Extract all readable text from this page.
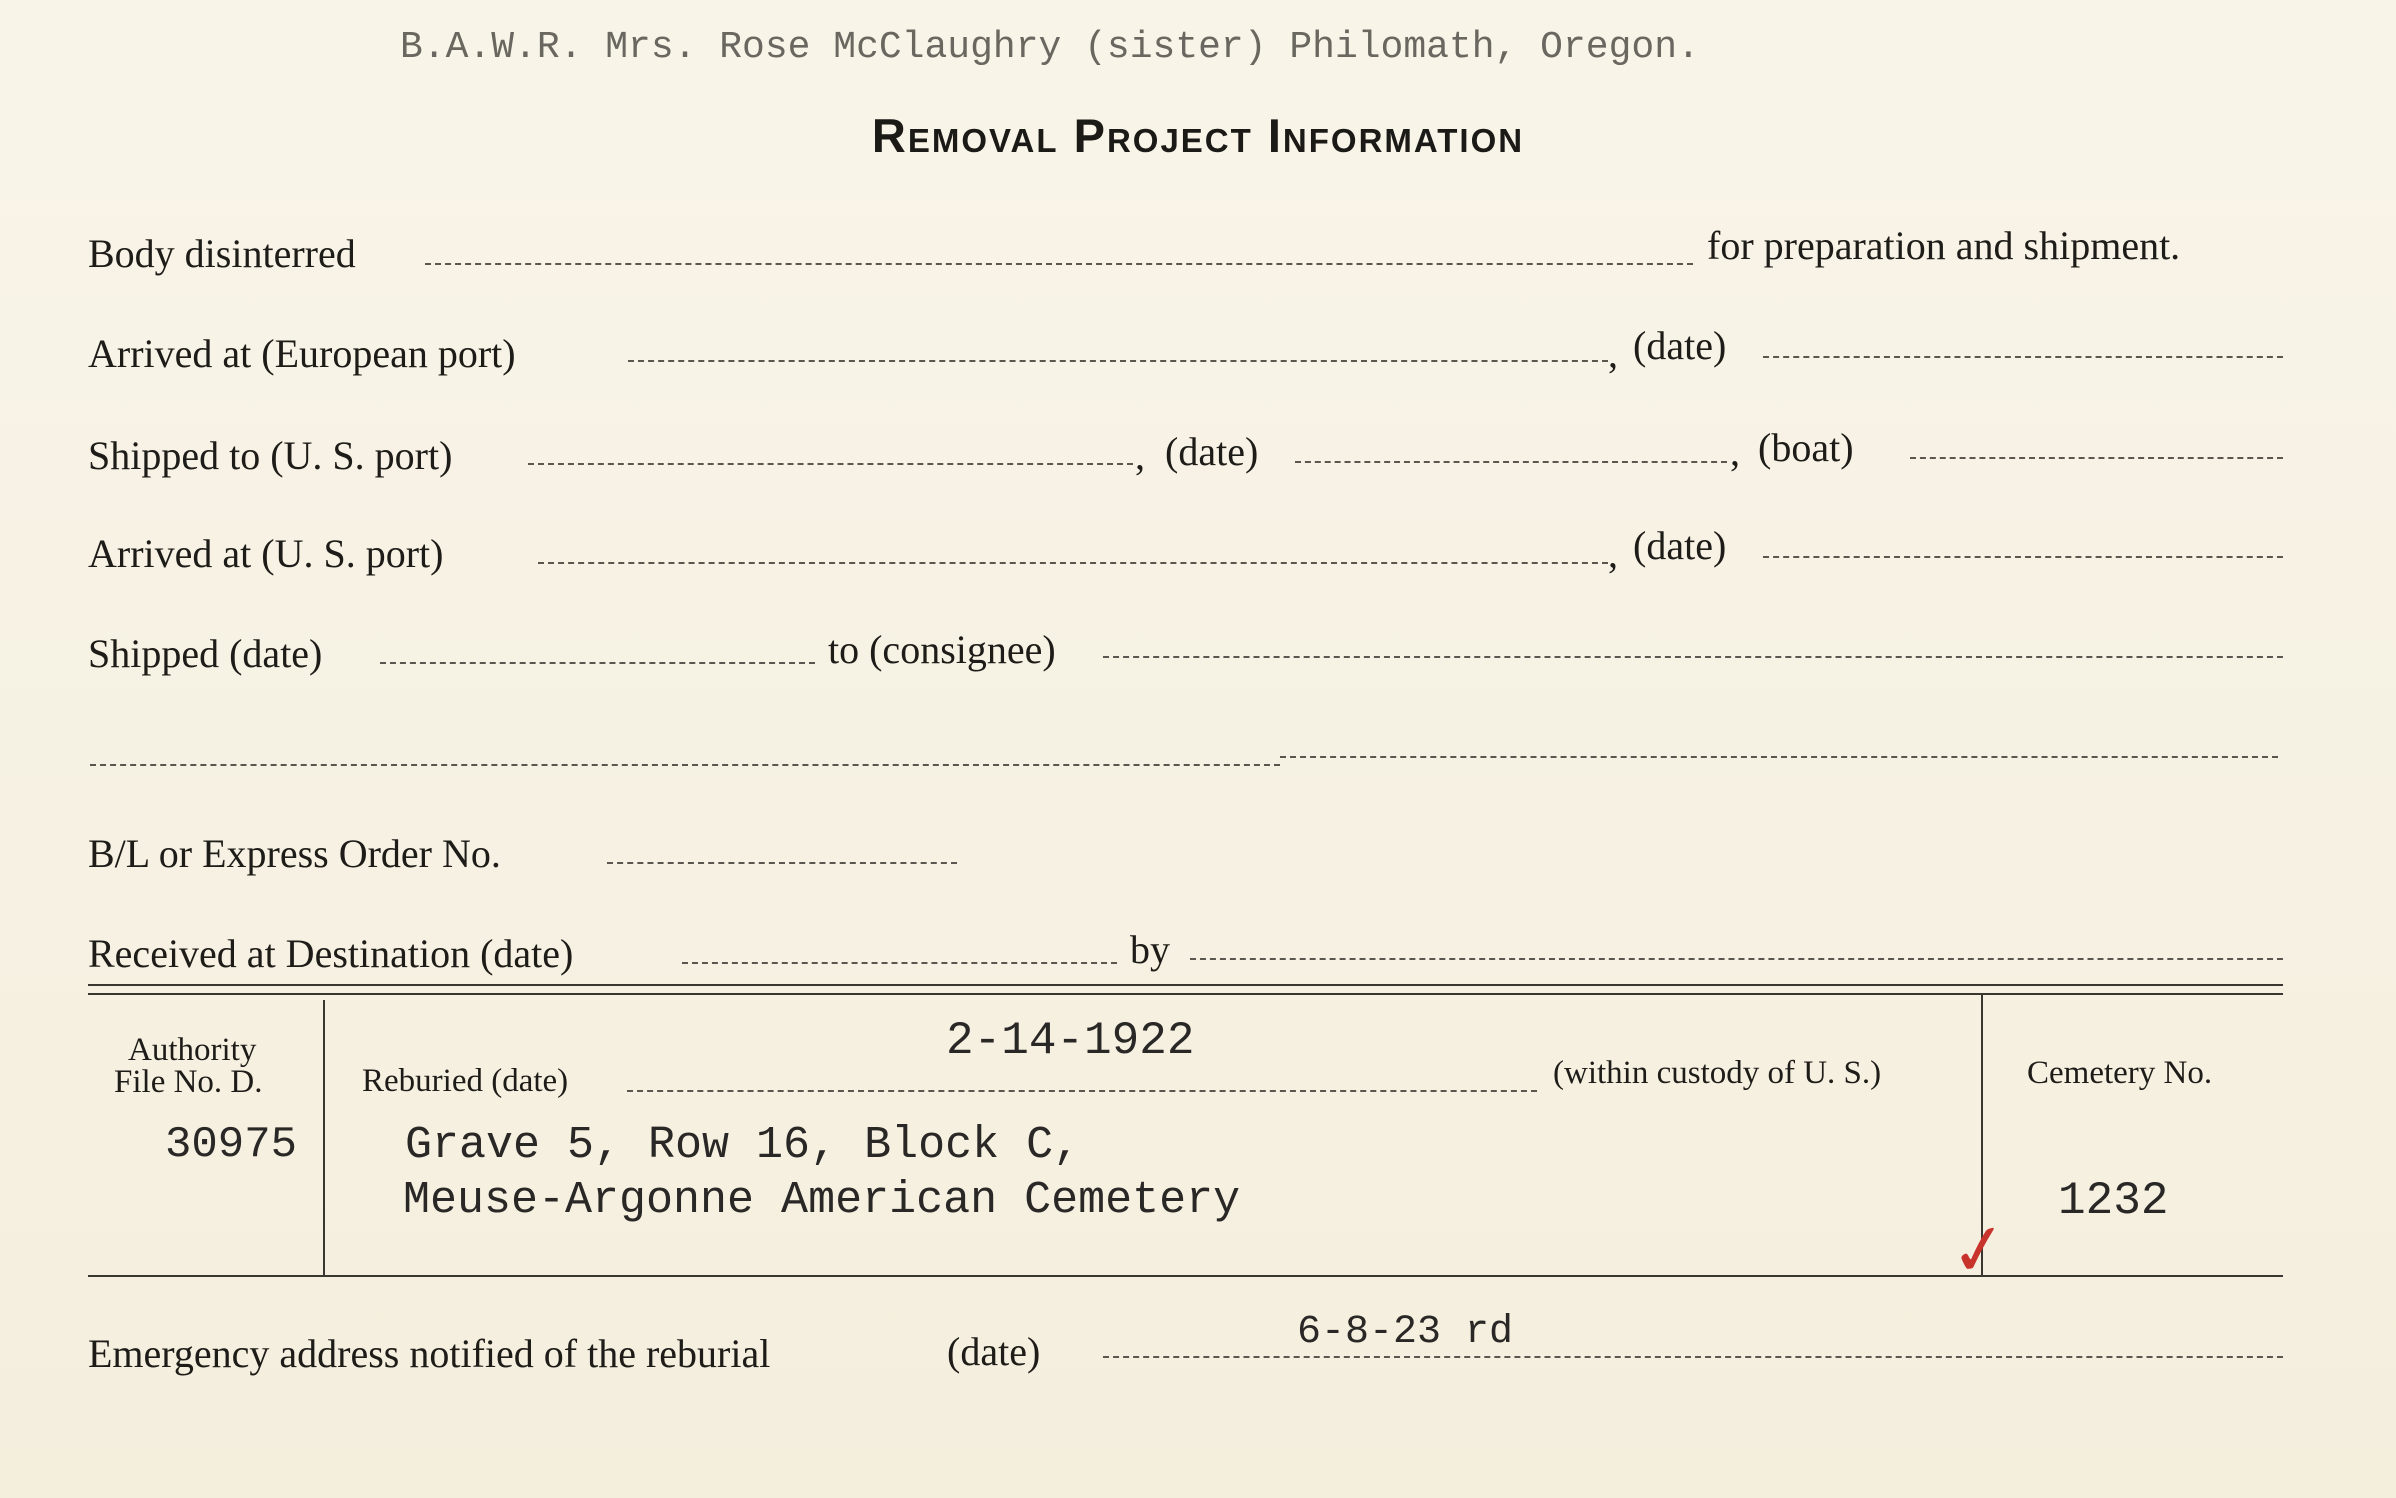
B.A.W.R. Mrs. Rose McClaughry (sister) Philomath, Oregon.
Removal Project Information
Body disinterred	for preparation and shipment.
Arrived at (European port)	, (date)
Shipped to (U. S. port)	, (date)	, (boat)
Arrived at (U. S. port)	, (date)
Shipped (date)	to (consignee)
B/L or Express Order No.
Received at Destination (date)	by
Authority
File No. D.
30975
Reburied (date)
2-14-1922
(within custody of U. S.)
Grave 5, Row 16, Block C,
Meuse-Argonne American Cemetery
Cemetery No.
1232
✓
Emergency address notified of the reburial	(date)	6-8-23 rd
